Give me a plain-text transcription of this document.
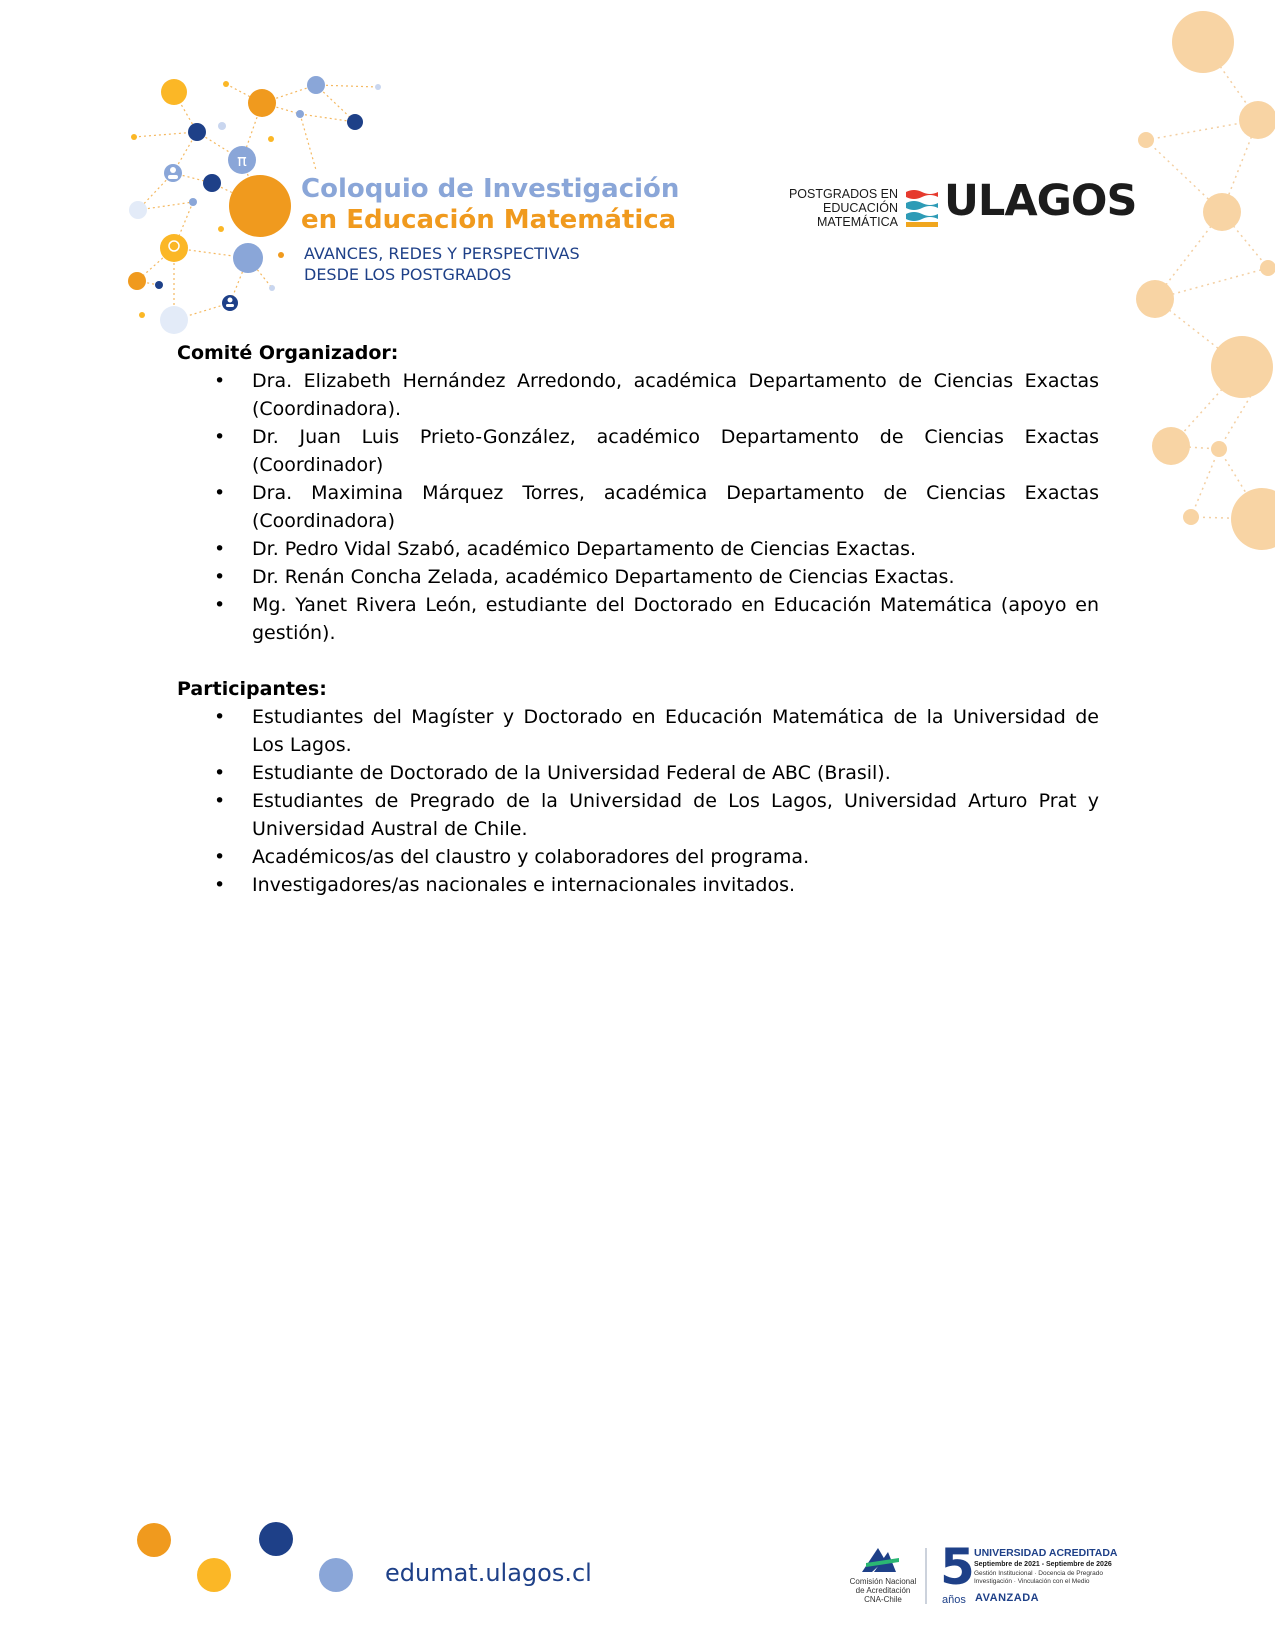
π
Coloquio de Investigación
en Educación Matemática
AVANCES, REDES Y PERSPECTIVAS
DESDE LOS POSTGRADOS
POSTGRADOS EN
EDUCACIÓN
MATEMÁTICA ULAGOS

Comité Organizador:

• Dra. Elizabeth Hernández Arredondo, académica Departamento de Ciencias Exactas (Coordinadora).
• Dr. Juan Luis Prieto-González, académico Departamento de Ciencias Exactas (Coordinador)
• Dra. Maximina Márquez Torres, académica Departamento de Ciencias Exactas (Coordinadora)
• Dr. Pedro Vidal Szabó, académico Departamento de Ciencias Exactas.
• Dr. Renán Concha Zelada, académico Departamento de Ciencias Exactas.
• Mg. Yanet Rivera León, estudiante del Doctorado en Educación Matemática (apoyo en gestión).

Participantes:

• Estudiantes del Magíster y Doctorado en Educación Matemática de la Universidad de Los Lagos.
• Estudiante de Doctorado de la Universidad Federal de ABC (Brasil).
• Estudiantes de Pregrado de la Universidad de Los Lagos, Universidad Arturo Prat y Universidad Austral de Chile.
• Académicos/as del claustro y colaboradores del programa.
• Investigadores/as nacionales e internacionales invitados.
edumat.ulagos.cl	Comisión Nacional
de Acreditación
CNA-Chile
5
años
UNIVERSIDAD ACREDITADA
Septiembre de 2021 - Septiembre de 2026
Gestión Institucional · Docencia de Pregrado
Investigación · Vinculación con el Medio
AVANZADA
